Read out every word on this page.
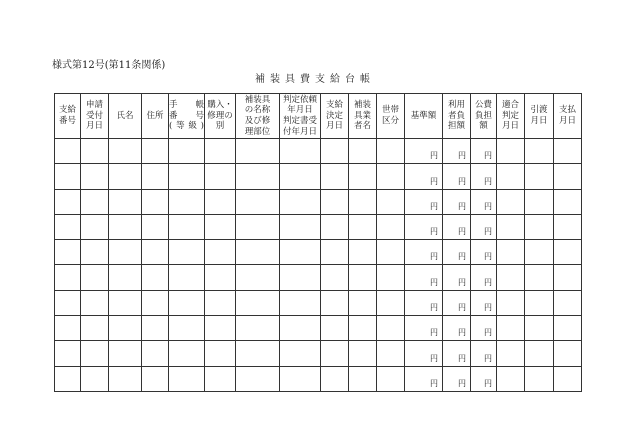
様式第12号(第11条関係)
補装具費支給台帳
支給
番号	申請
受付
月日	氏名	住所	手　帳
番　号
(等級)	購入・
修理の
別	補装具
の名称
及び修
理部位	判定依頼
年月日
判定書受
付年月日	支給
決定
月日	補装
具業
者名	世帯
区分	基準額	利用
者負
担額	公費
負担
額	適合
判定
月日	引渡
月日	支払
月日
											円	円	円			
											円	円	円			
											円	円	円			
											円	円	円			
											円	円	円			
											円	円	円			
											円	円	円			
											円	円	円			
											円	円	円			
											円	円	円			
